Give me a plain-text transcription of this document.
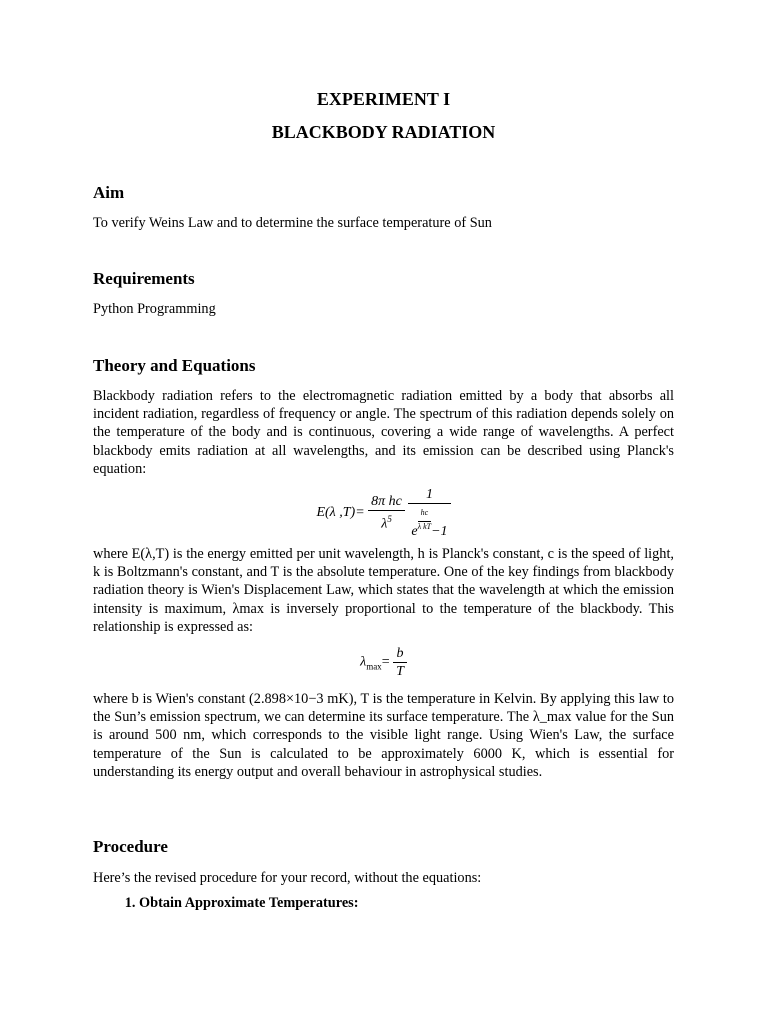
EXPERIMENT I
BLACKBODY RADIATION
Aim

To verify Weins Law and to determine the surface temperature of Sun

Requirements

Python Programming

Theory and Equations

Blackbody radiation refers to the electromagnetic radiation emitted by a body that absorbs all incident radiation, regardless of frequency or angle. The spectrum of this radiation depends solely on the temperature of the body and is continuous, covering a wide range of wavelengths. A perfect blackbody emits radiation at all wavelengths, and its emission can be described using Planck's equation:

E(λ $,T)= \frac{\text{8π hc}}{\lambda^5}$
1
e
$\frac{hc}{\text{λ kT}}-1$

where E(λ,T) is the energy emitted per unit wavelength, h is Planck's constant, c is the speed of light, k is Boltzmann's constant, and T is the absolute temperature. One of the key findings from blackbody radiation theory is Wien's Displacement Law, which states that the wavelength at which the emission intensity is maximum, λmax is inversely proportional to the temperature of the blackbody. This relationship is expressed as:

$\lambda_{max}= \frac{b}{T}$

where b is Wien's constant (2.898×10−3 mK), T is the temperature in Kelvin. By applying this law to the Sun’s emission spectrum, we can determine its surface temperature. The λ_max value for the Sun is around 500 nm, which corresponds to the visible light range. Using Wien's Law, the surface temperature of the Sun is calculated to be approximately 6000 K, which is essential for understanding its energy output and overall behaviour in astrophysical studies.

Procedure

Here’s the revised procedure for your record, without the equations:

1. Obtain Approximate Temperatures:
